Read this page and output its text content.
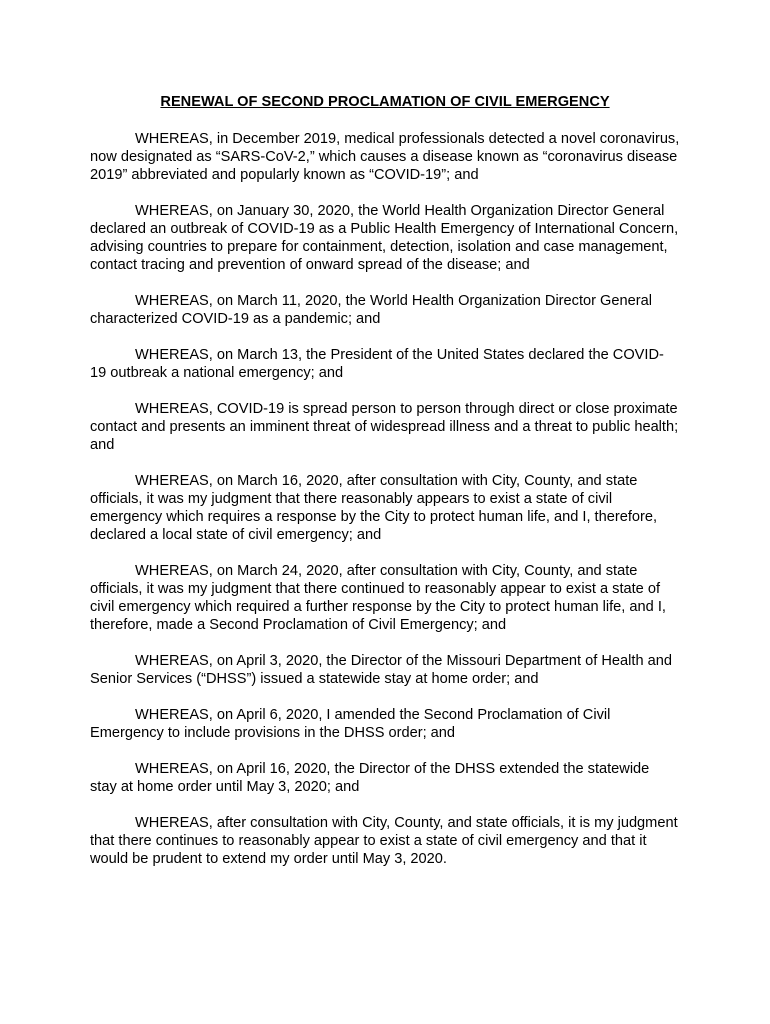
RENEWAL OF SECOND PROCLAMATION OF CIVIL EMERGENCY

WHEREAS, in December 2019, medical professionals detected a novel coronavirus, now designated as “SARS-CoV-2,” which causes a disease known as “coronavirus disease 2019” abbreviated and popularly known as “COVID-19”; and

WHEREAS, on January 30, 2020, the World Health Organization Director General declared an outbreak of COVID-19 as a Public Health Emergency of International Concern, advising countries to prepare for containment, detection, isolation and case management, contact tracing and prevention of onward spread of the disease; and

WHEREAS, on March 11, 2020, the World Health Organization Director General characterized COVID-19 as a pandemic; and

WHEREAS, on March 13, the President of the United States declared the COVID-19 outbreak a national emergency; and

WHEREAS, COVID-19 is spread person to person through direct or close proximate contact and presents an imminent threat of widespread illness and a threat to public health; and

WHEREAS, on March 16, 2020, after consultation with City, County, and state officials, it was my judgment that there reasonably appears to exist a state of civil emergency which requires a response by the City to protect human life, and I, therefore, declared a local state of civil emergency; and

WHEREAS, on March 24, 2020, after consultation with City, County, and state officials, it was my judgment that there continued to reasonably appear to exist a state of civil emergency which required a further response by the City to protect human life, and I, therefore, made a Second Proclamation of Civil Emergency; and

WHEREAS, on April 3, 2020, the Director of the Missouri Department of Health and Senior Services (“DHSS”) issued a statewide stay at home order; and

WHEREAS, on April 6, 2020, I amended the Second Proclamation of Civil Emergency to include provisions in the DHSS order; and

WHEREAS, on April 16, 2020, the Director of the DHSS extended the statewide stay at home order until May 3, 2020; and

WHEREAS, after consultation with City, County, and state officials, it is my judgment that there continues to reasonably appear to exist a state of civil emergency and that it would be prudent to extend my order until May 3, 2020.
